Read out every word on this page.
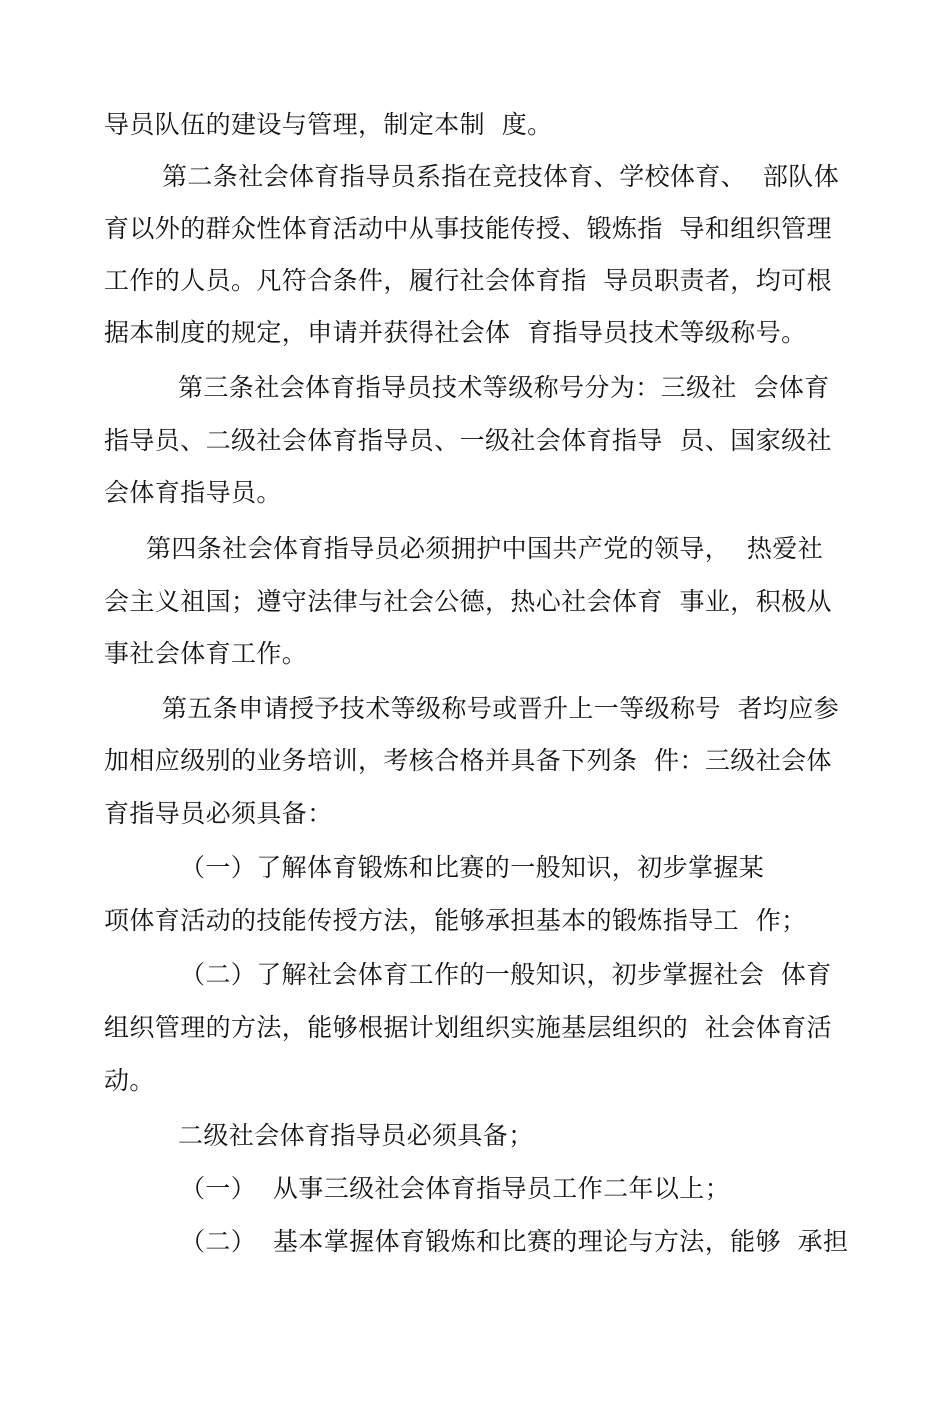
导员队伍的建设与管理，制定本制  度。
第二条社会体育指导员系指在竞技体育、学校体育、  部队体
育以外的群众性体育活动中从事技能传授、锻炼指  导和组织管理
工作的人员。凡符合条件，履行社会体育指  导员职责者，均可根
据本制度的规定，申请并获得社会体  育指导员技术等级称号。
第三条社会体育指导员技术等级称号分为：三级社  会体育
指导员、二级社会体育指导员、一级社会体育指导  员、国家级社
会体育指导员。
第四条社会体育指导员必须拥护中国共产党的领导，  热爱社
会主义祖国；遵守法律与社会公德，热心社会体育  事业，积极从
事社会体育工作。
第五条申请授予技术等级称号或晋升上一等级称号  者均应参
加相应级别的业务培训，考核合格并具备下列条  件：三级社会体
育指导员必须具备：
（一）了解体育锻炼和比赛的一般知识，初步掌握某
项体育活动的技能传授方法，能够承担基本的锻炼指导工  作；
（二）了解社会体育工作的一般知识，初步掌握社会  体育
组织管理的方法，能够根据计划组织实施基层组织的  社会体育活
动。
二级社会体育指导员必须具备；
（一）  从事三级社会体育指导员工作二年以上；
（二）  基本掌握体育锻炼和比赛的理论与方法，能够  承担
